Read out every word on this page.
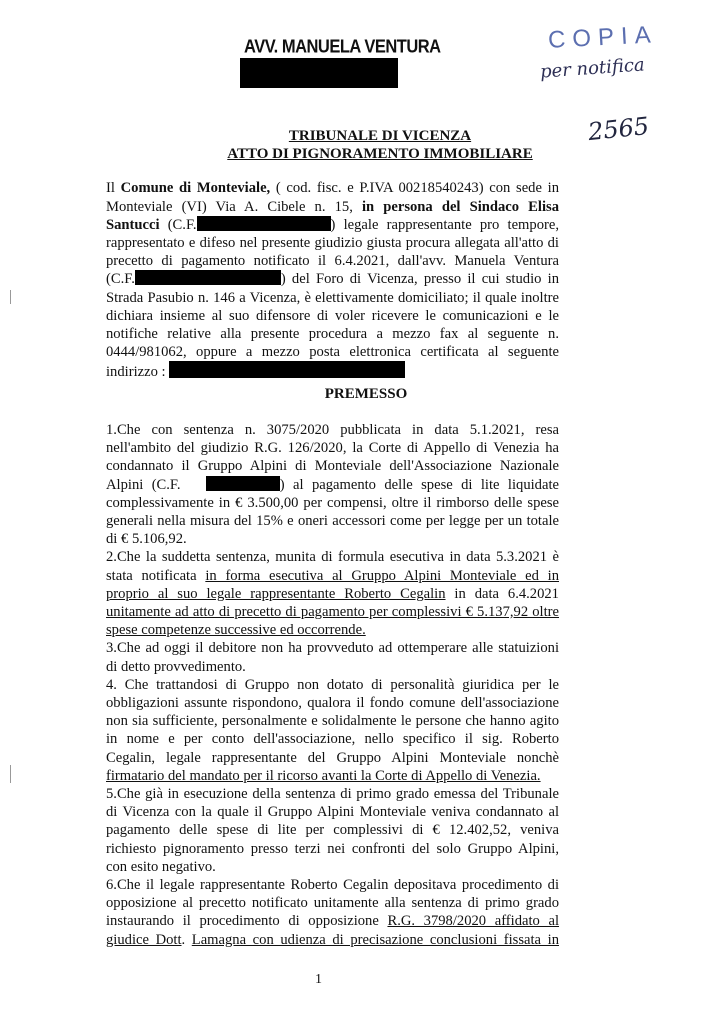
AVV. MANUELA VENTURA	COPIA
per notifica
2565
TRIBUNALE DI VICENZA
ATTO DI PIGNORAMENTO IMMOBILIARE
Il Comune di Monteviale, ( cod. fisc. e P.IVA 00218540243) con sede in
Monteviale (VI) Via A. Cibele n. 15, in persona del Sindaco Elisa
Santucci (C.F.	) legale rappresentante pro tempore,
rappresentato e difeso nel presente giudizio giusta procura allegata all'atto di
precetto di pagamento notificato il 6.4.2021, dall'avv. Manuela Ventura
(C.F.	) del Foro di Vicenza, presso il cui studio in
Strada Pasubio n. 146 a Vicenza, è elettivamente domiciliato; il quale inoltre
dichiara insieme al suo difensore di voler ricevere le comunicazioni e le
notifiche relative alla presente procedura a mezzo fax al seguente n.
0444/981062, oppure a mezzo posta elettronica certificata al seguente
indirizzo :
PREMESSO
1.Che con sentenza n. 3075/2020 pubblicata in data 5.1.2021, resa
nell'ambito del giudizio R.G. 126/2020, la Corte di Appello di Venezia ha
condannato il Gruppo Alpini di Monteviale dell'Associazione Nazionale
Alpini (C.F.	) al pagamento delle spese di lite liquidate
complessivamente in € 3.500,00 per compensi, oltre il rimborso delle spese
generali nella misura del 15% e oneri accessori come per legge per un totale
di € 5.106,92.
2.Che la suddetta sentenza, munita di formula esecutiva in data 5.3.2021 è
stata notificata in forma esecutiva al Gruppo Alpini Monteviale ed in
proprio al suo legale rappresentante Roberto Cegalin in data 6.4.2021
unitamente ad atto di precetto di pagamento per complessivi € 5.137,92 oltre
spese competenze successive ed occorrende.
3.Che ad oggi il debitore non ha provveduto ad ottemperare alle statuizioni
di detto provvedimento.
4. Che trattandosi di Gruppo non dotato di personalità giuridica per le
obbligazioni assunte rispondono, qualora il fondo comune dell'associazione
non sia sufficiente, personalmente e solidalmente le persone che hanno agito
in nome e per conto dell'associazione, nello specifico il sig. Roberto
Cegalin, legale rappresentante del Gruppo Alpini Monteviale nonchè
firmatario del mandato per il ricorso avanti la Corte di Appello di Venezia.
5.Che già in esecuzione della sentenza di primo grado emessa del Tribunale
di Vicenza con la quale il Gruppo Alpini Monteviale veniva condannato al
pagamento delle spese di lite per complessivi di € 12.402,52, veniva
richiesto pignoramento presso terzi nei confronti del solo Gruppo Alpini,
con esito negativo.
6.Che il legale rappresentante Roberto Cegalin depositava procedimento di
opposizione al precetto notificato unitamente alla sentenza di primo grado
instaurando il procedimento di opposizione R.G. 3798/2020 affidato al
giudice Dott. Lamagna con udienza di precisazione conclusioni fissata in
1
